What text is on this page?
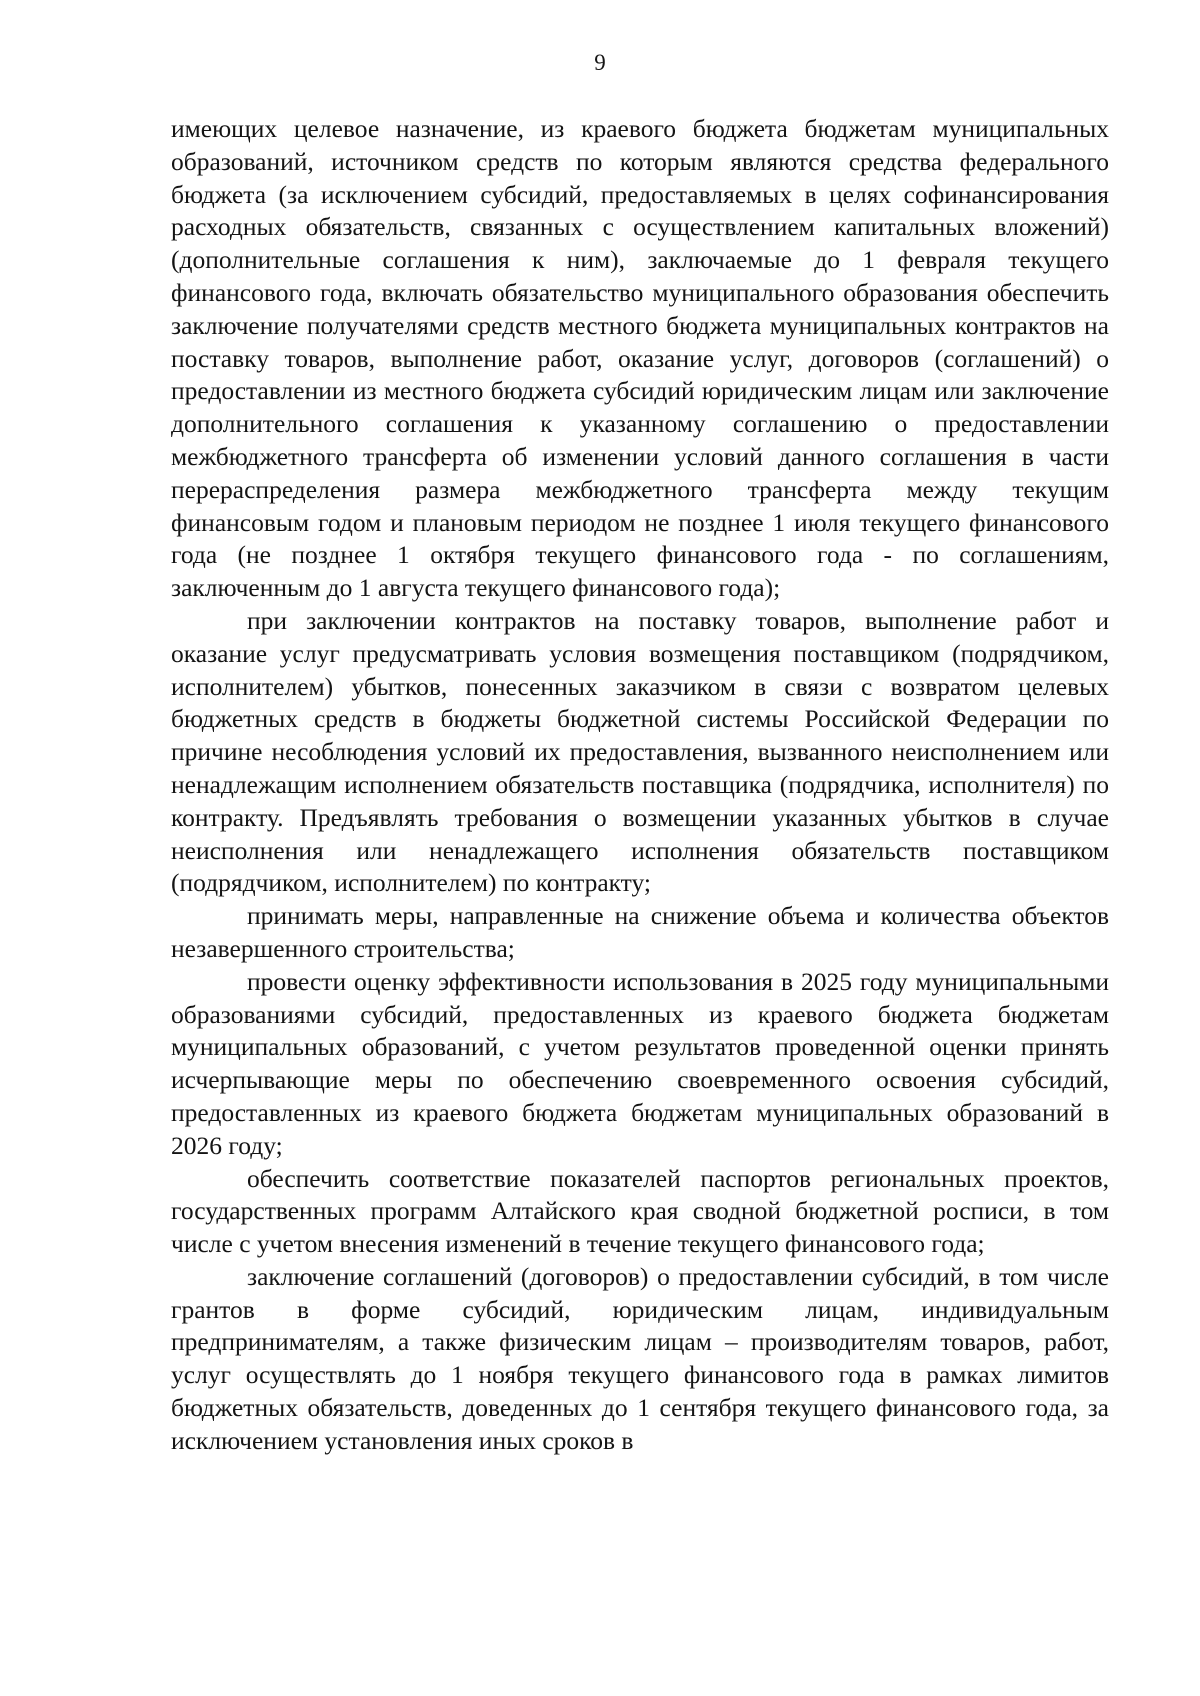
9

имеющих целевое назначение, из краевого бюджета бюджетам муниципальных образований, источником средств по которым являются средства федерального бюджета (за исключением субсидий, предоставляемых в целях софинансирования расходных обязательств, связанных с осуществлением капитальных вложений) (дополнительные соглашения к ним), заключаемые до 1 февраля текущего финансового года, включать обязательство муниципального образования обеспечить заключение получателями средств местного бюджета муниципальных контрактов на поставку товаров, выполнение работ, оказание услуг, договоров (соглашений) о предоставлении из местного бюджета субсидий юридическим лицам или заключение дополнительного соглашения к указанному соглашению о предоставлении межбюджетного трансферта об изменении условий данного соглашения в части перераспределения размера межбюджетного трансферта между текущим финансовым годом и плановым периодом не позднее 1 июля текущего финансового года (не позднее 1 октября текущего финансового года - по соглашениям, заключенным до 1 августа текущего финансового года);

при заключении контрактов на поставку товаров, выполнение работ и оказание услуг предусматривать условия возмещения поставщиком (подрядчиком, исполнителем) убытков, понесенных заказчиком в связи с возвратом целевых бюджетных средств в бюджеты бюджетной системы Российской Федерации по причине несоблюдения условий их предоставления, вызванного неисполнением или ненадлежащим исполнением обязательств поставщика (подрядчика, исполнителя) по контракту. Предъявлять требования о возмещении указанных убытков в случае неисполнения или ненадлежащего исполнения обязательств поставщиком (подрядчиком, исполнителем) по контракту;

принимать меры, направленные на снижение объема и количества объектов незавершенного строительства;

провести оценку эффективности использования в 2025 году муниципальными образованиями субсидий, предоставленных из краевого бюджета бюджетам муниципальных образований, с учетом результатов проведенной оценки принять исчерпывающие меры по обеспечению своевременного освоения субсидий, предоставленных из краевого бюджета бюджетам муниципальных образований в 2026 году;

обеспечить соответствие показателей паспортов региональных проектов, государственных программ Алтайского края сводной бюджетной росписи, в том числе с учетом внесения изменений в течение текущего финансового года;

заключение соглашений (договоров) о предоставлении субсидий, в том числе грантов в форме субсидий, юридическим лицам, индивидуальным предпринимателям, а также физическим лицам – производителям товаров, работ, услуг осуществлять до 1 ноября текущего финансового года в рамках лимитов бюджетных обязательств, доведенных до 1 сентября текущего финансового года, за исключением установления иных сроков в
